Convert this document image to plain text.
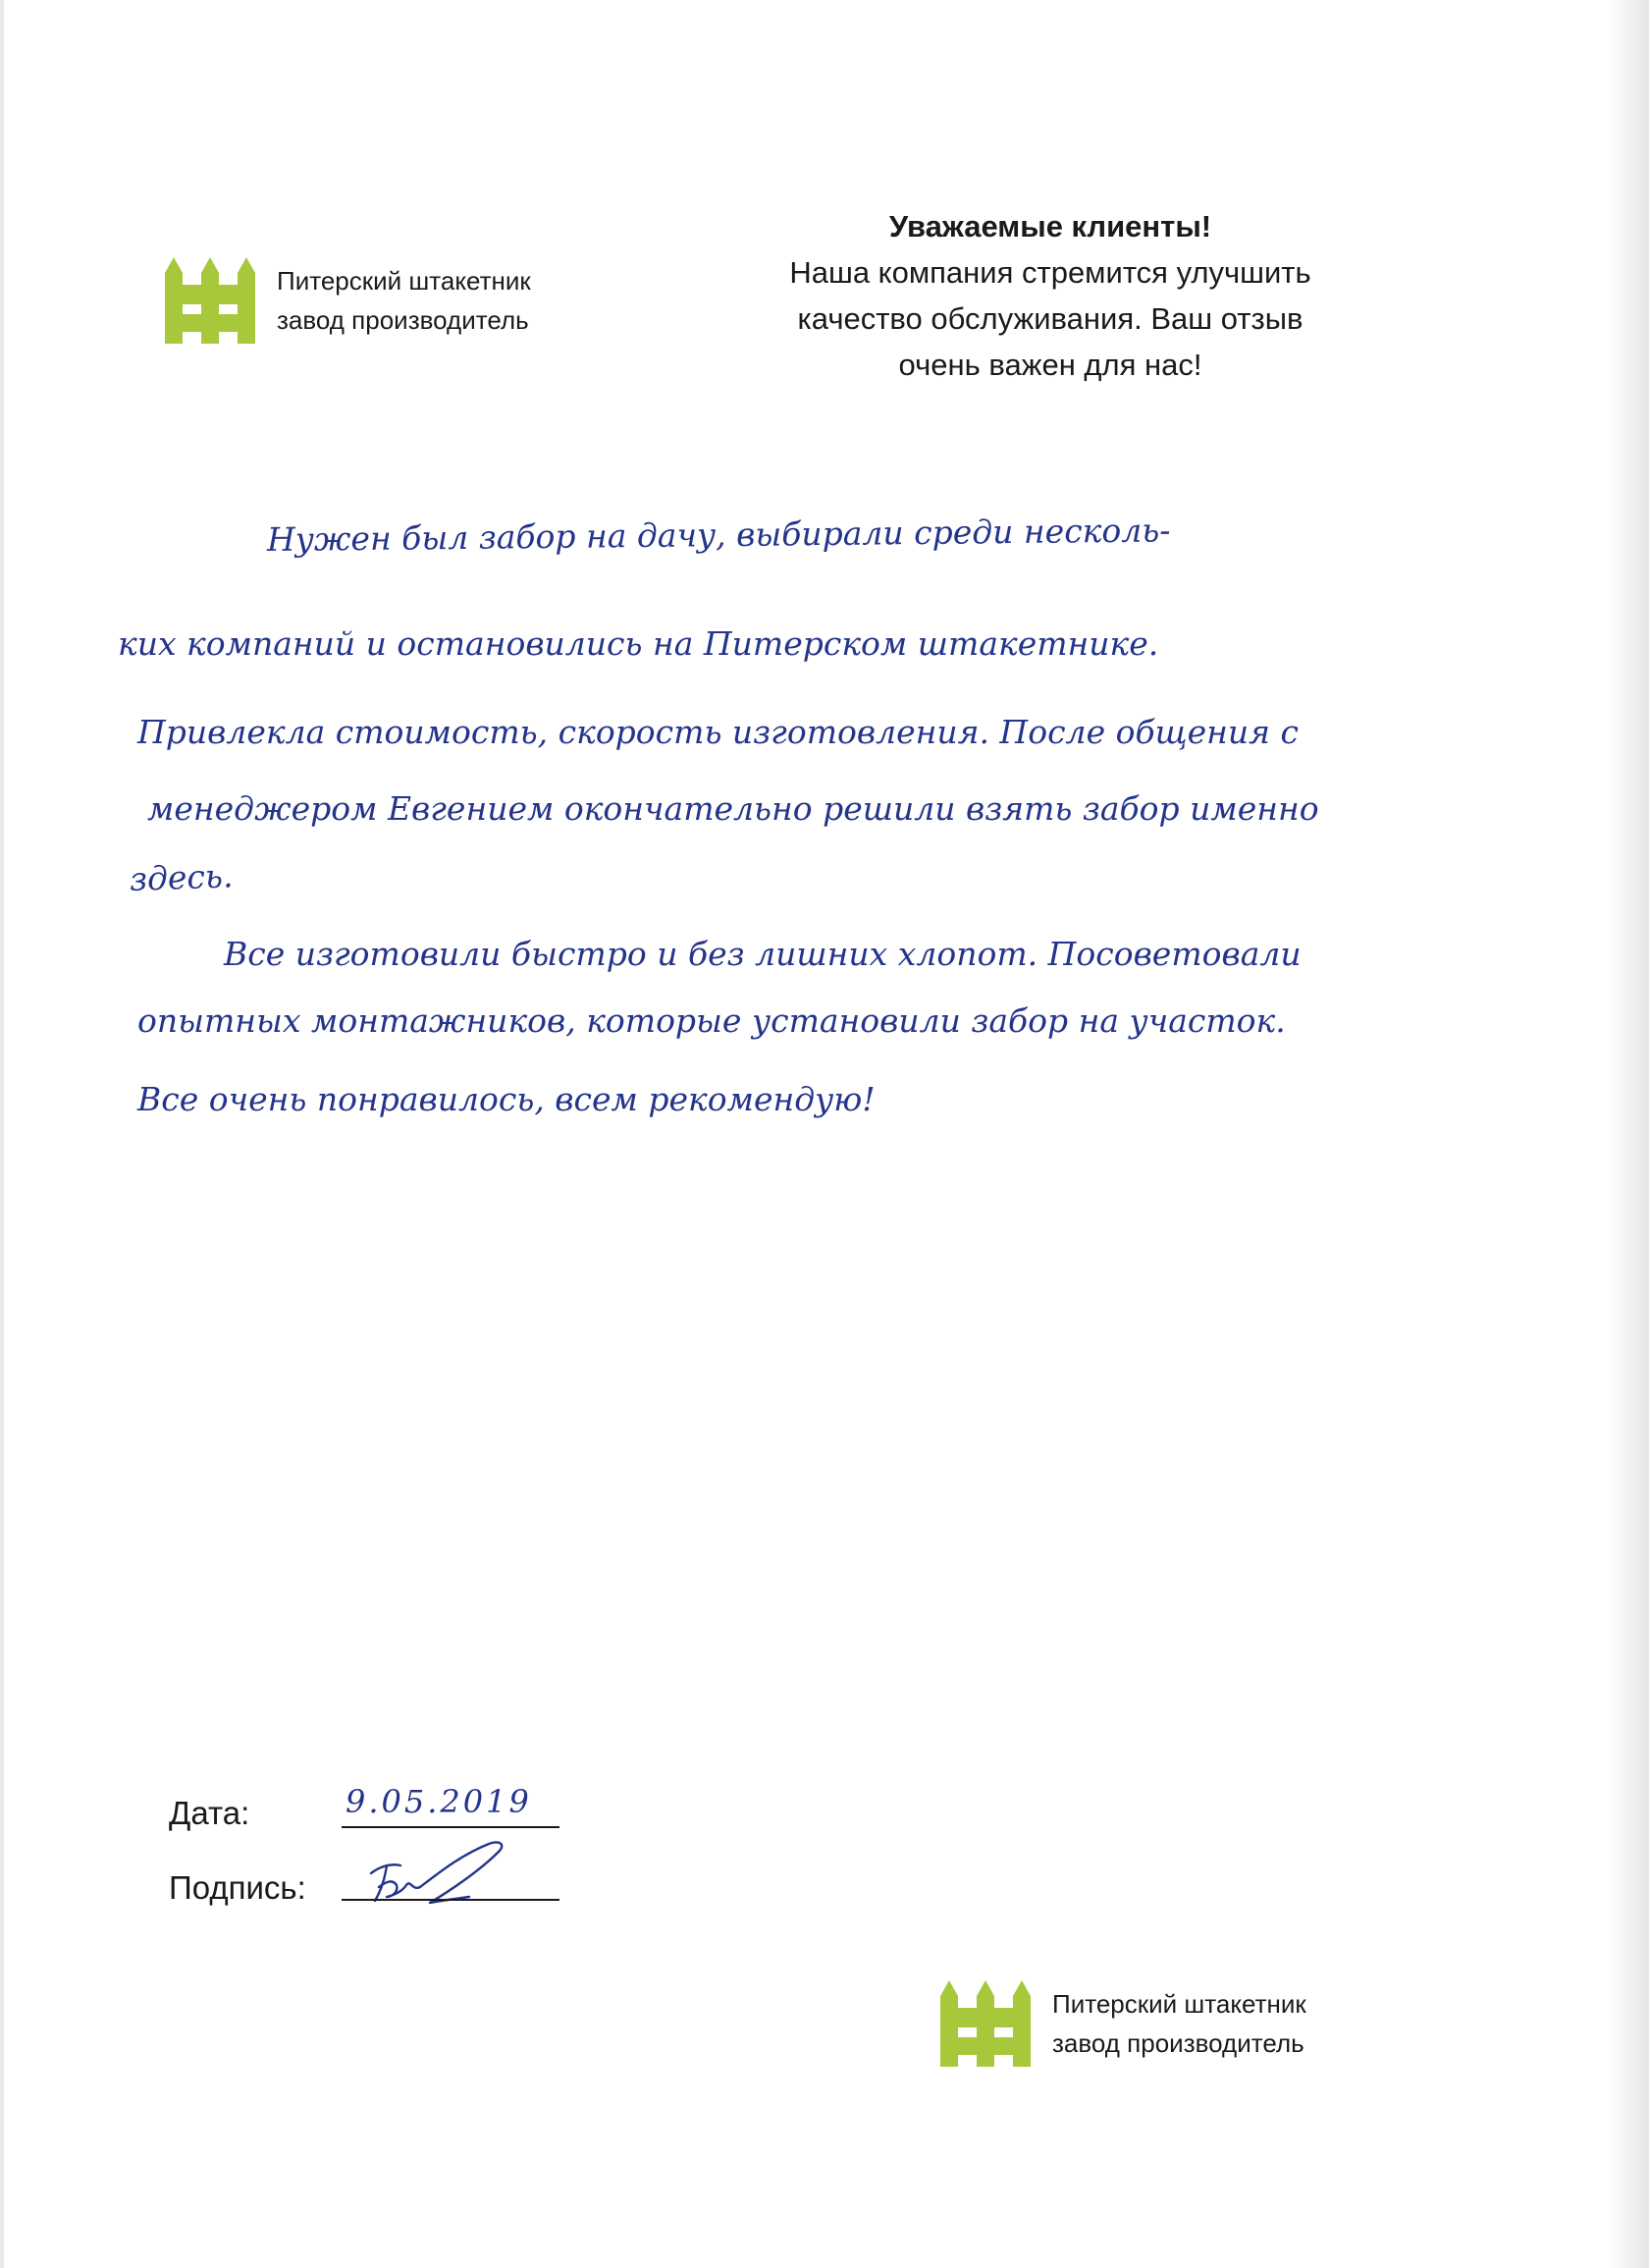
Питерский штакетник
завод производитель
Уважаемые клиенты!
Наша компания стремится улучшить
качество обслуживания. Ваш отзыв
очень важен для нас!
Нужен был забор на дачу, выбирали среди несколь-
ких компаний и остановились на Питерском штакетнике.
Привлекла стоимость, скорость изготовления. После общения с
менеджером Евгением окончательно решили взять забор именно
здесь.
Все изготовили быстро и без лишних хлопот. Посоветовали
опытных монтажников, которые установили забор на участок.
Все очень понравилось, всем рекомендую!
Дата:	9.05.2019
Подпись:
Питерский штакетник
завод производитель
